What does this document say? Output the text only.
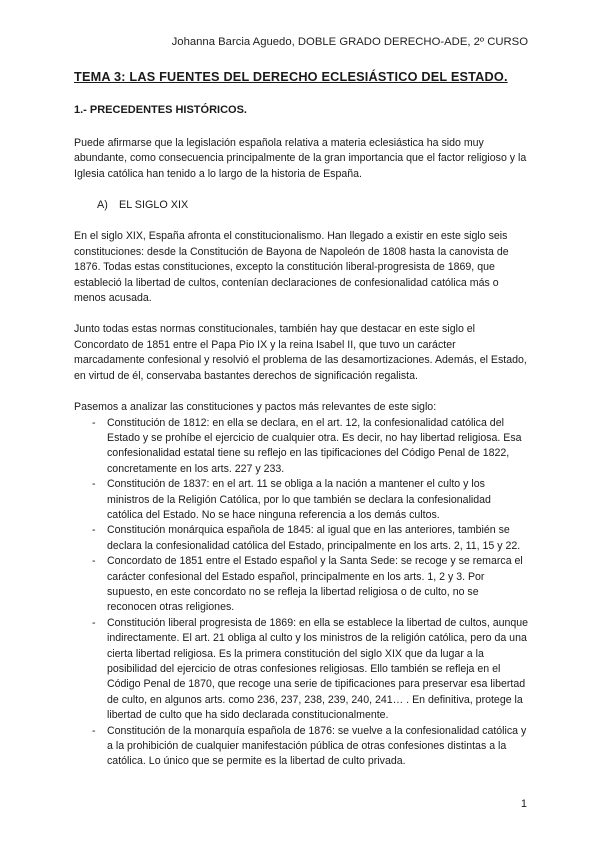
Johanna Barcia Aguedo, DOBLE GRADO DERECHO-ADE, 2º CURSO

TEMA 3: LAS FUENTES DEL DERECHO ECLESIÁSTICO DEL ESTADO.

1.- PRECEDENTES HISTÓRICOS.

Puede afirmarse que la legislación española relativa a materia eclesiástica ha sido muy abundante, como consecuencia principalmente de la gran importancia que el factor religioso y la Iglesia católica han tenido a lo largo de la historia de España.

A) EL SIGLO XIX

En el siglo XIX, España afronta el constitucionalismo. Han llegado a existir en este siglo seis constituciones: desde la Constitución de Bayona de Napoleón de 1808 hasta la canovista de 1876. Todas estas constituciones, excepto la constitución liberal-progresista de 1869, que estableció la libertad de cultos, contenían declaraciones de confesionalidad católica más o menos acusada.

Junto todas estas normas constitucionales, también hay que destacar en este siglo el Concordato de 1851 entre el Papa Pio IX y la reina Isabel II, que tuvo un carácter marcadamente confesional y resolvió el problema de las desamortizaciones. Además, el Estado, en virtud de él, conservaba bastantes derechos de significación regalista.

Pasemos a analizar las constituciones y pactos más relevantes de este siglo:

- Constitución de 1812: en ella se declara, en el art. 12, la confesionalidad católica del Estado y se prohíbe el ejercicio de cualquier otra. Es decir, no hay libertad religiosa. Esa confesionalidad estatal tiene su reflejo en las tipificaciones del Código Penal de 1822, concretamente en los arts. 227 y 233.
- Constitución de 1837: en el art. 11 se obliga a la nación a mantener el culto y los ministros de la Religión Católica, por lo que también se declara la confesionalidad católica del Estado. No se hace ninguna referencia a los demás cultos.
- Constitución monárquica española de 1845: al igual que en las anteriores, también se declara la confesionalidad católica del Estado, principalmente en los arts. 2, 11, 15 y 22.
- Concordato de 1851 entre el Estado español y la Santa Sede: se recoge y se remarca el carácter confesional del Estado español, principalmente en los arts. 1, 2 y 3. Por supuesto, en este concordato no se refleja la libertad religiosa o de culto, no se reconocen otras religiones.
- Constitución liberal progresista de 1869: en ella se establece la libertad de cultos, aunque indirectamente. El art. 21 obliga al culto y los ministros de la religión católica, pero da una cierta libertad religiosa. Es la primera constitución del siglo XIX que da lugar a la posibilidad del ejercicio de otras confesiones religiosas. Ello también se refleja en el Código Penal de 1870, que recoge una serie de tipificaciones para preservar esa libertad de culto, en algunos arts. como 236, 237, 238, 239, 240, 241… . En definitiva, protege la libertad de culto que ha sido declarada constitucionalmente.
- Constitución de la monarquía española de 1876: se vuelve a la confesionalidad católica y a la prohibición de cualquier manifestación pública de otras confesiones distintas a la católica. Lo único que se permite es la libertad de culto privada.
1
